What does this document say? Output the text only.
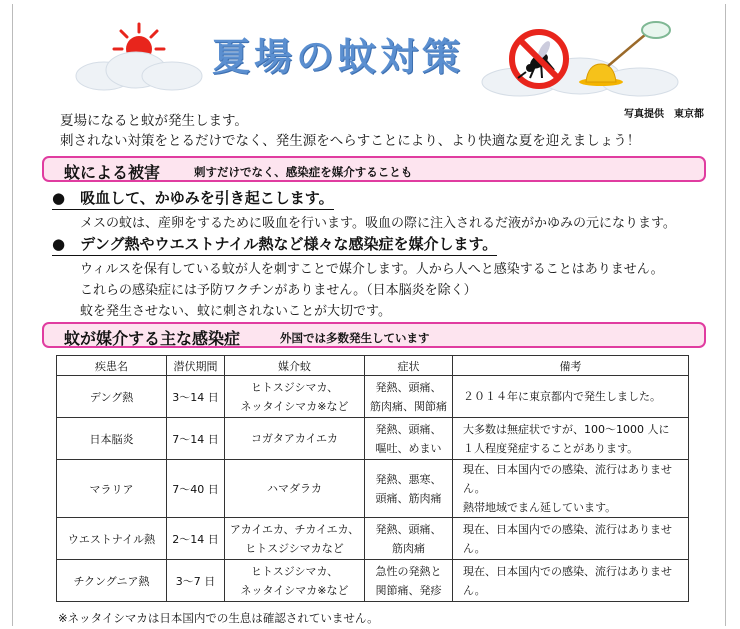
夏場の蚊対策
写真提供　東京都
夏場になると蚊が発生します。
刺されない対策をとるだけでなく、発生源をへらすことにより、より快適な夏を迎えましょう！
蚊による被害	刺すだけでなく、感染症を媒介することも
●　吸血して、かゆみを引き起こします。
メスの蚊は、産卵をするために吸血を行います。吸血の際に注入されるだ液がかゆみの元になります。
●　デング熱やウエストナイル熱など様々な感染症を媒介します。
ウィルスを保有している蚊が人を刺すことで媒介します。人から人へと感染することはありません。
これらの感染症には予防ワクチンがありません。（日本脳炎を除く）
蚊を発生させない、蚊に刺されないことが大切です。
蚊が媒介する主な感染症	外国では多数発生しています
疾患名	潜伏期間	媒介蚊	症状	備考
デング熱	3〜14 日	ヒトスジシマカ、
ネッタイシマカ※など	発熱、頭痛、
筋肉痛、関節痛	２０１４年に東京都内で発生しました。

日本脳炎	7〜14 日	コガタアカイエカ	発熱、頭痛、
嘔吐、めまい	大多数は無症状ですが、100〜1000 人に
１人程度発症することがあります。

マラリア	7〜40 日	ハマダラカ	発熱、悪寒、
頭痛、筋肉痛	現在、日本国内での感染、流行はありません。
熱帯地域でまん延しています。

ウエストナイル熱	2〜14 日	アカイエカ、チカイエカ、
ヒトスジシマカなど	発熱、頭痛、
筋肉痛	現在、日本国内での感染、流行はありません。

チクングニア熱	3〜7 日	ヒトスジシマカ、
ネッタイシマカ※など	急性の発熱と
関節痛、発疹	現在、日本国内での感染、流行はありません。
※ネッタイシマカは日本国内での生息は確認されていません。
